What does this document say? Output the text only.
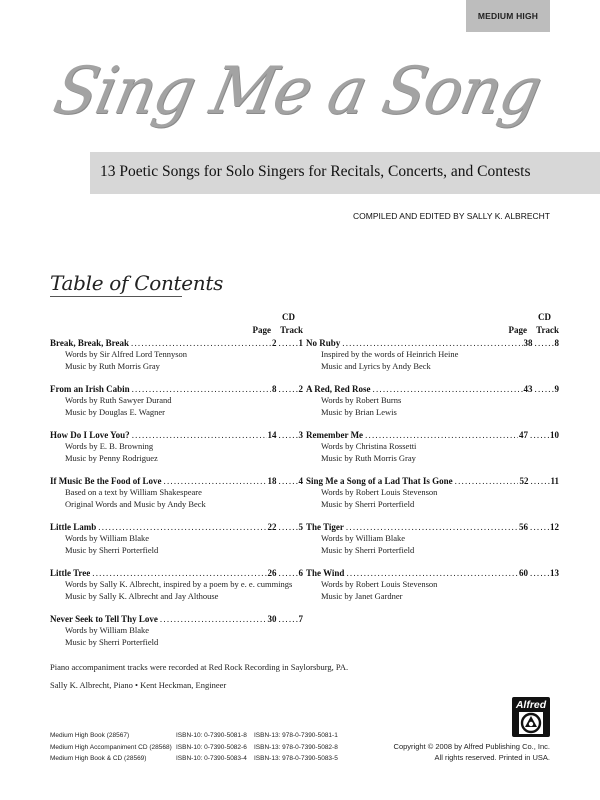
MEDIUM HIGH
Sing Me a Song
13 Poetic Songs for Solo Singers for Recitals, Concerts, and Contests
COMPILED AND EDITED BY SALLY K. ALBRECHT
Table of Contents
CD
Page Track
Break, Break, Break .....	2 ...... 1
Words by Sir Alfred Lord Tennyson
Music by Ruth Morris Gray
From an Irish Cabin .....	8 ...... 2
Words by Ruth Sawyer Durand
Music by Douglas E. Wagner
How Do I Love You? .....	14 ...... 3
Words by E. B. Browning
Music by Penny Rodriguez
If Music Be the Food of Love .....	18 ...... 4
Based on a text by William Shakespeare
Original Words and Music by Andy Beck
Little Lamb .....	22 ...... 5
Words by William Blake
Music by Sherri Porterfield
Little Tree .....	26 ...... 6
Words by Sally K. Albrecht, inspired by a poem by e. e. cummings
Music by Sally K. Albrecht and Jay Althouse
Never Seek to Tell Thy Love .....	30 ...... 7
Words by William Blake
Music by Sherri Porterfield
CD
Page Track
No Ruby .....	38 ...... 8
Inspired by the words of Heinrich Heine
Music and Lyrics by Andy Beck
A Red, Red Rose .....	43 ...... 9
Words by Robert Burns
Music by Brian Lewis
Remember Me .....	47 ...... 10
Words by Christina Rossetti
Music by Ruth Morris Gray
Sing Me a Song of a Lad That Is Gone .....	52 ...... 11
Words by Robert Louis Stevenson
Music by Sherri Porterfield
The Tiger .....	56 ...... 12
Words by William Blake
Music by Sherri Porterfield
The Wind .....	60 ...... 13
Words by Robert Louis Stevenson
Music by Janet Gardner
Piano accompaniment tracks were recorded at Red Rock Recording in Saylorsburg, PA.
Sally K. Albrecht, Piano • Kent Heckman, Engineer
Alfred
Medium High Book (28567)	ISBN-10: 0-7390-5081-8	ISBN-13: 978-0-7390-5081-1
Medium High Accompaniment CD (28568) ISBN-10: 0-7390-5082-6	ISBN-13: 978-0-7390-5082-8
Medium High Book & CD (28569)	ISBN-10: 0-7390-5083-4	ISBN-13: 978-0-7390-5083-5
Copyright © 2008 by Alfred Publishing Co., Inc.
All rights reserved. Printed in USA.
